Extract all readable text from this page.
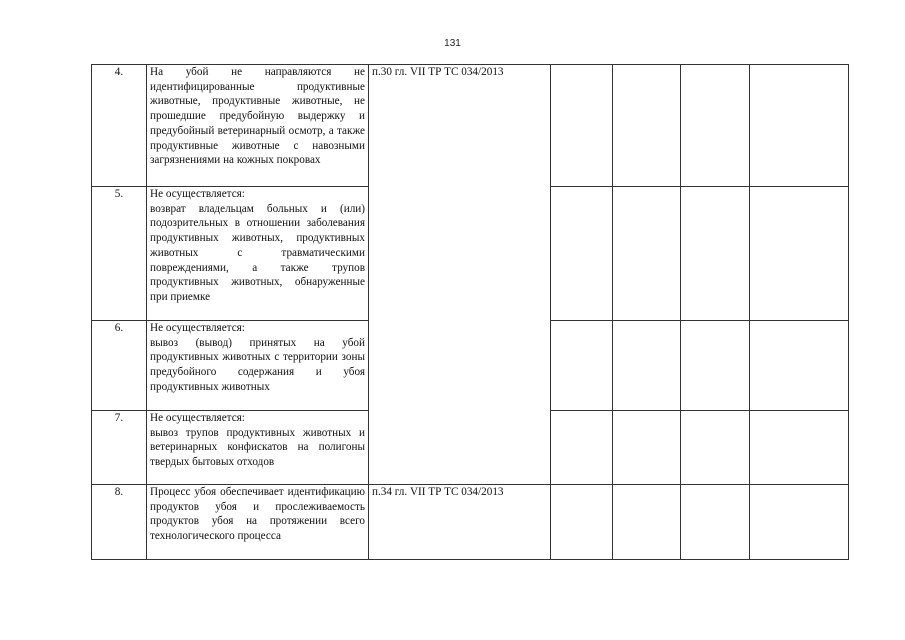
131
4.	На убой не направляются не идентифицированные продуктивные животные, продуктивные животные, не прошедшие предубойную выдержку и предубойный ветеринарный осмотр, а также продуктивные животные с навозными загрязнениями на кожных покровах	п.30 гл. VII ТР ТС 034/2013				
5.	Не осуществляется:

возврат владельцам больных и (или) подозрительных в отношении заболевания продуктивных животных, продуктивных животных с травматическими повреждениями, а также трупов продуктивных животных, обнаруженные при приемке					

6.	Не осуществляется:

вывоз (вывод) принятых на убой продуктивных животных с территории зоны предубойного содержания и убоя продуктивных животных					

7.	Не осуществляется:

вывоз трупов продуктивных животных и ветеринарных конфискатов на полигоны твердых бытовых отходов					

8.	Процесс убоя обеспечивает идентификацию продуктов убоя и прослеживаемость продуктов убоя на протяжении всего технологического процесса	п.34 гл. VII ТР ТС 034/2013				
